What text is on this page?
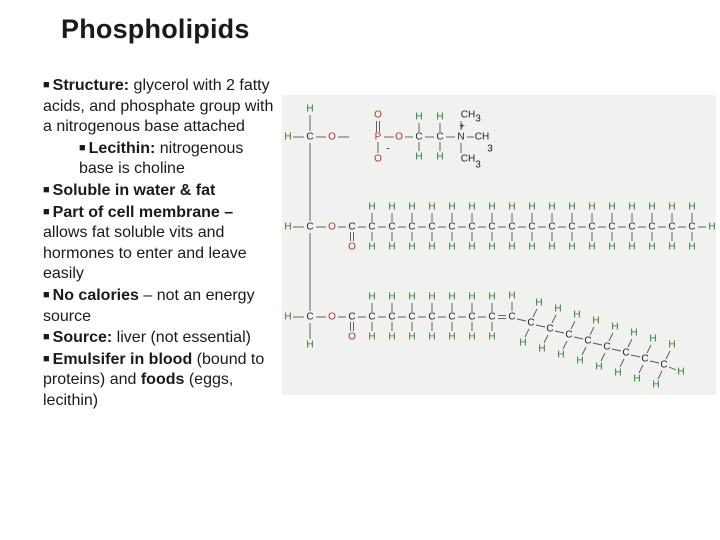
Phospholipids

■ Structure: glycerol with 2 fatty acids, and phosphate group with a nitrogenous base attached

■ Lecithin: nitrogenous base is choline

■ Soluble in water & fat

■ Part of cell membrane – allows fat soluble vits and hormones to enter and leave easily

■ No calories – not an energy source

■ Source: liver (not essential)

■ Emulsifer in blood (bound to proteins) and foods (eggs, lecithin)

C
H	O
C
H	O
C
H	O
H
H
P
O
O
-
O C
H
H
C
H
H
N
+
CH 3
CH
3
CH
3
C
O
C
H
H
C
H
H
C
H
H
C
H
H
C
H
H
C
H
H
C
H
H
C
H
H
C
H
H
C
H
H
C
H
H
C
H
H
C
H
H
C
H
H
C
H
H
C
H
H
C
H
H
H
C
O
C
H
H
C
H
H
C
H
H
C
H
H
C
H
H
C
H
H
C
H
H
C
H
C
H
H
C
H
H
C
H
H
C
H
H
C
H
H
C
H
H
C
H
H
C
H
H
H
